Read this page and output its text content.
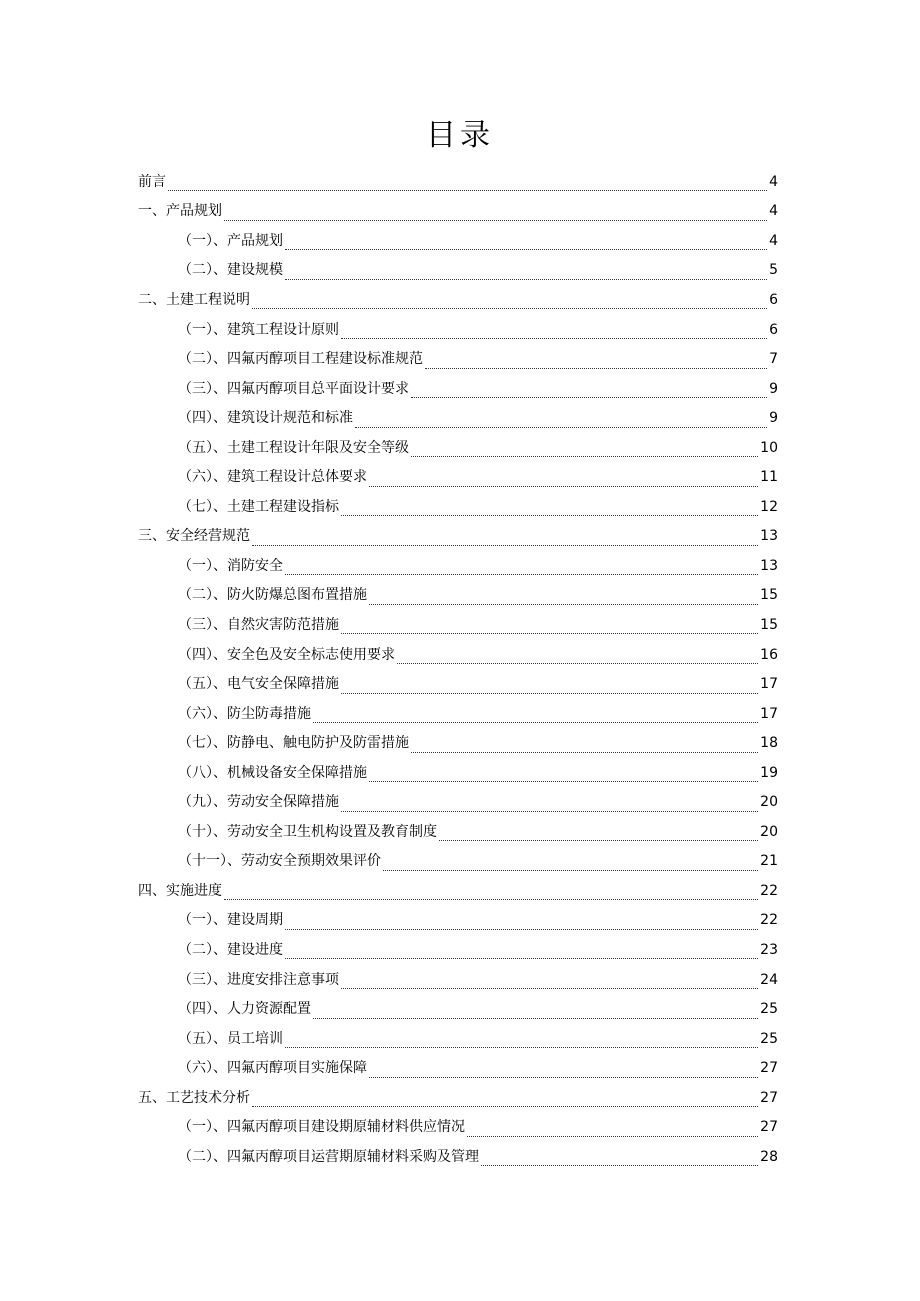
目录
前言	4
一、产品规划	4
（一）、产品规划	4
（二）、建设规模	5
二、土建工程说明	6
（一）、建筑工程设计原则	6
（二）、四氟丙醇项目工程建设标准规范	7
（三）、四氟丙醇项目总平面设计要求	9
（四）、建筑设计规范和标准	9
（五）、土建工程设计年限及安全等级	10
（六）、建筑工程设计总体要求	11
（七）、土建工程建设指标	12
三、安全经营规范	13
（一）、消防安全	13
（二）、防火防爆总图布置措施	15
（三）、自然灾害防范措施	15
（四）、安全色及安全标志使用要求	16
（五）、电气安全保障措施	17
（六）、防尘防毒措施	17
（七）、防静电、触电防护及防雷措施	18
（八）、机械设备安全保障措施	19
（九）、劳动安全保障措施	20
（十）、劳动安全卫生机构设置及教育制度	20
（十一）、劳动安全预期效果评价	21
四、实施进度	22
（一）、建设周期	22
（二）、建设进度	23
（三）、进度安排注意事项	24
（四）、人力资源配置	25
（五）、员工培训	25
（六）、四氟丙醇项目实施保障	27
五、工艺技术分析	27
（一）、四氟丙醇项目建设期原辅材料供应情况	27
（二）、四氟丙醇项目运营期原辅材料采购及管理	28
